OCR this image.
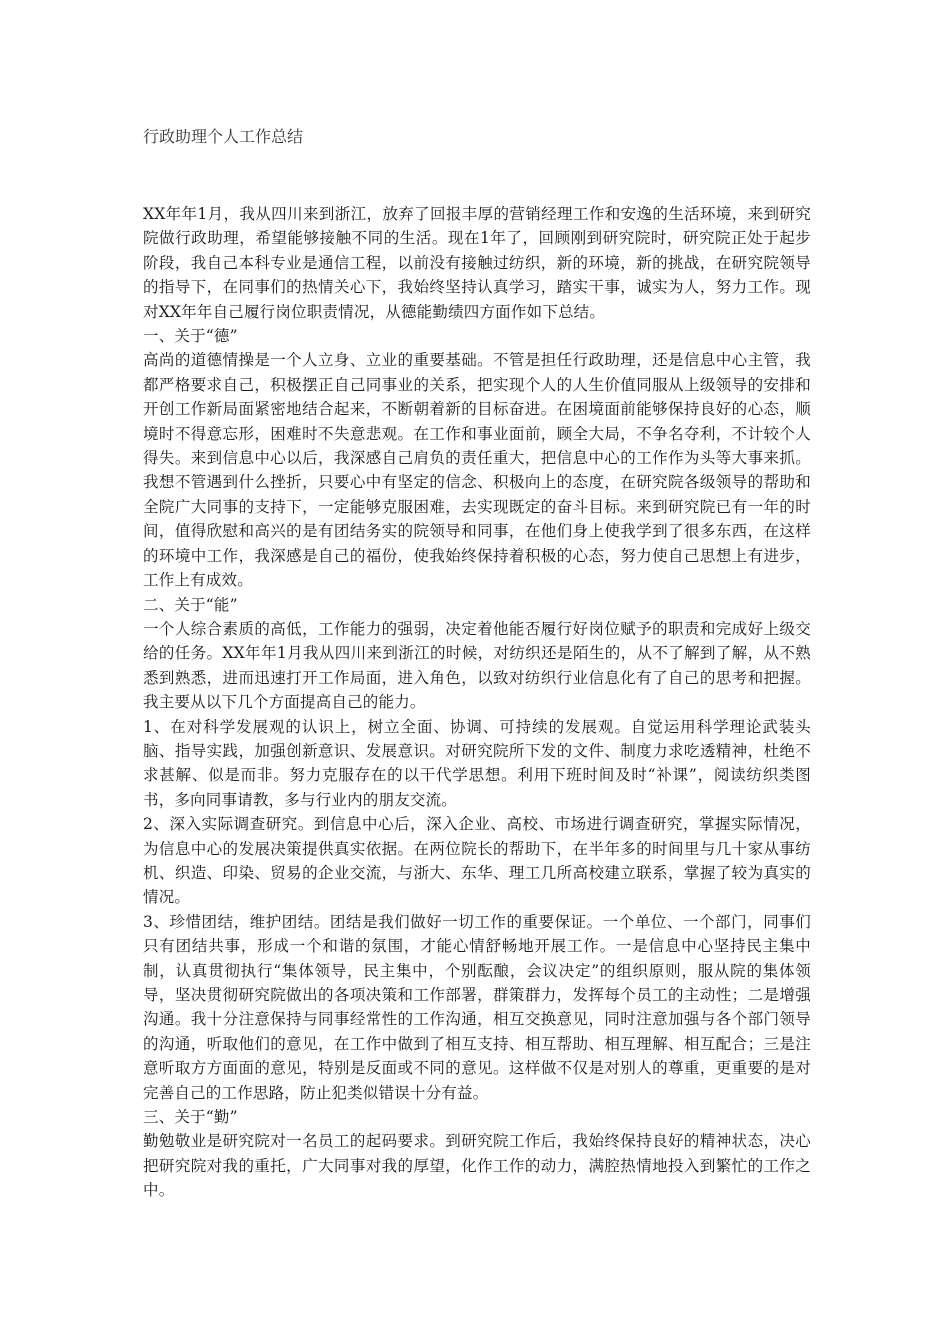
行政助理个人工作总结

XX年年1月，我从四川来到浙江，放弃了回报丰厚的营销经理工作和安逸的生活环境，来到研究院做行政助理，希望能够接触不同的生活。现在1年了，回顾刚到研究院时，研究院正处于起步阶段，我自己本科专业是通信工程，以前没有接触过纺织，新的环境，新的挑战，在研究院领导的指导下，在同事们的热情关心下，我始终坚持认真学习，踏实干事，诚实为人，努力工作。现对XX年年自己履行岗位职责情况，从德能勤绩四方面作如下总结。

一、关于“德”

高尚的道德情操是一个人立身、立业的重要基础。不管是担任行政助理，还是信息中心主管，我都严格要求自己，积极摆正自己同事业的关系，把实现个人的人生价值同服从上级领导的安排和开创工作新局面紧密地结合起来，不断朝着新的目标奋进。在困境面前能够保持良好的心态，顺境时不得意忘形，困难时不失意悲观。在工作和事业面前，顾全大局，不争名夺利，不计较个人得失。来到信息中心以后，我深感自己肩负的责任重大，把信息中心的工作作为头等大事来抓。我想不管遇到什么挫折，只要心中有坚定的信念、积极向上的态度，在研究院各级领导的帮助和全院广大同事的支持下，一定能够克服困难，去实现既定的奋斗目标。来到研究院已有一年的时间，值得欣慰和高兴的是有团结务实的院领导和同事，在他们身上使我学到了很多东西，在这样的环境中工作，我深感是自己的福份，使我始终保持着积极的心态，努力使自己思想上有进步，工作上有成效。

二、关于“能”

一个人综合素质的高低，工作能力的强弱，决定着他能否履行好岗位赋予的职责和完成好上级交给的任务。XX年年1月我从四川来到浙江的时候，对纺织还是陌生的，从不了解到了解，从不熟悉到熟悉，进而迅速打开工作局面，进入角色，以致对纺织行业信息化有了自己的思考和把握。我主要从以下几个方面提高自己的能力。

1、在对科学发展观的认识上，树立全面、协调、可持续的发展观。自觉运用科学理论武装头脑、指导实践，加强创新意识、发展意识。对研究院所下发的文件、制度力求吃透精神，杜绝不求甚解、似是而非。努力克服存在的以干代学思想。利用下班时间及时“补课”，阅读纺织类图书，多向同事请教，多与行业内的朋友交流。

2、深入实际调查研究。到信息中心后，深入企业、高校、市场进行调查研究，掌握实际情况，为信息中心的发展决策提供真实依据。在两位院长的帮助下，在半年多的时间里与几十家从事纺机、织造、印染、贸易的企业交流，与浙大、东华、理工几所高校建立联系，掌握了较为真实的情况。

3、珍惜团结，维护团结。团结是我们做好一切工作的重要保证。一个单位、一个部门，同事们只有团结共事，形成一个和谐的氛围，才能心情舒畅地开展工作。一是信息中心坚持民主集中制，认真贯彻执行“集体领导，民主集中，个别酝酿，会议决定”的组织原则，服从院的集体领导，坚决贯彻研究院做出的各项决策和工作部署，群策群力，发挥每个员工的主动性；二是增强沟通。我十分注意保持与同事经常性的工作沟通，相互交换意见，同时注意加强与各个部门领导的沟通，听取他们的意见，在工作中做到了相互支持、相互帮助、相互理解、相互配合；三是注意听取方方面面的意见，特别是反面或不同的意见。这样做不仅是对别人的尊重，更重要的是对完善自己的工作思路，防止犯类似错误十分有益。

三、关于“勤”

勤勉敬业是研究院对一名员工的起码要求。到研究院工作后，我始终保持良好的精神状态，决心把研究院对我的重托，广大同事对我的厚望，化作工作的动力，满腔热情地投入到繁忙的工作之中。
